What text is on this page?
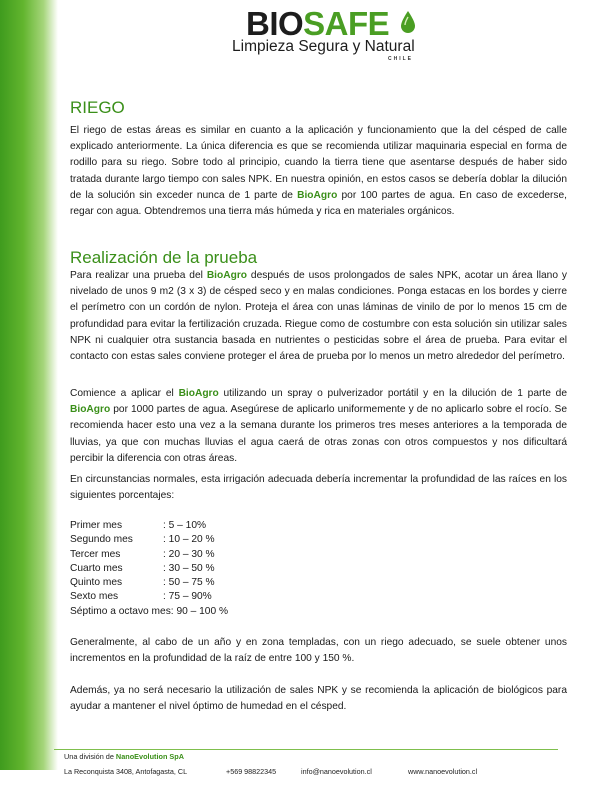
BIOSAFE
Limpieza Segura y Natural
CHILE
RIEGO

El riego de estas áreas es similar en cuanto a la aplicación y funcionamiento que la del césped de calle explicado anteriormente. La única diferencia es que se recomienda utilizar maquinaria especial en forma de rodillo para su riego. Sobre todo al principio, cuando la tierra tiene que asentarse después de haber sido tratada durante largo tiempo con sales NPK. En nuestra opinión, en estos casos se debería doblar la dilución de la solución sin exceder nunca de 1 parte de BioAgro por 100 partes de agua. En caso de excederse, regar con agua. Obtendremos una tierra más húmeda y rica en materiales orgánicos.

Realización de la prueba

Para realizar una prueba del BioAgro después de usos prolongados de sales NPK, acotar un área llano y nivelado de unos 9 m2 (3 x 3) de césped seco y en malas condiciones. Ponga estacas en los bordes y cierre el perímetro con un cordón de nylon. Proteja el área con unas láminas de vinilo de por lo menos 15 cm de profundidad para evitar la fertilización cruzada. Riegue como de costumbre con esta solución sin utilizar sales NPK ni cualquier otra sustancia basada en nutrientes o pesticidas sobre el área de prueba. Para evitar el contacto con estas sales conviene proteger el área de prueba por lo menos un metro alrededor del perímetro.

Comience a aplicar el BioAgro utilizando un spray o pulverizador portátil y en la dilución de 1 parte de BioAgro por 1000 partes de agua. Asegúrese de aplicarlo uniformemente y de no aplicarlo sobre el rocío. Se recomienda hacer esto una vez a la semana durante los primeros tres meses anteriores a la temporada de lluvias, ya que con muchas lluvias el agua caerá de otras zonas con otros compuestos y nos dificultará percibir la diferencia con otras áreas.

En circunstancias normales, esta irrigación adecuada debería incrementar la profundidad de las raíces en los siguientes porcentajes:

Primer mes	: 5 – 10%
Segundo mes	: 10 – 20 %
Tercer mes	: 20 – 30 %
Cuarto mes	: 30 – 50 %
Quinto mes	: 50 – 75 %
Sexto mes	: 75 – 90%
Séptimo a octavo mes: 90 – 100 %

Generalmente, al cabo de un año y en zona templadas, con un riego adecuado, se suele obtener unos incrementos en la profundidad de la raíz de entre 100 y 150 %.

Además, ya no será necesario la utilización de sales NPK y se recomienda la aplicación de biológicos para ayudar a mantener el nivel óptimo de humedad en el césped.

Una división de NanoEvolution SpA
La Reconquista 3408, Antofagasta, CL	+569 98822345	info@nanoevolution.cl	www.nanoevolution.cl
